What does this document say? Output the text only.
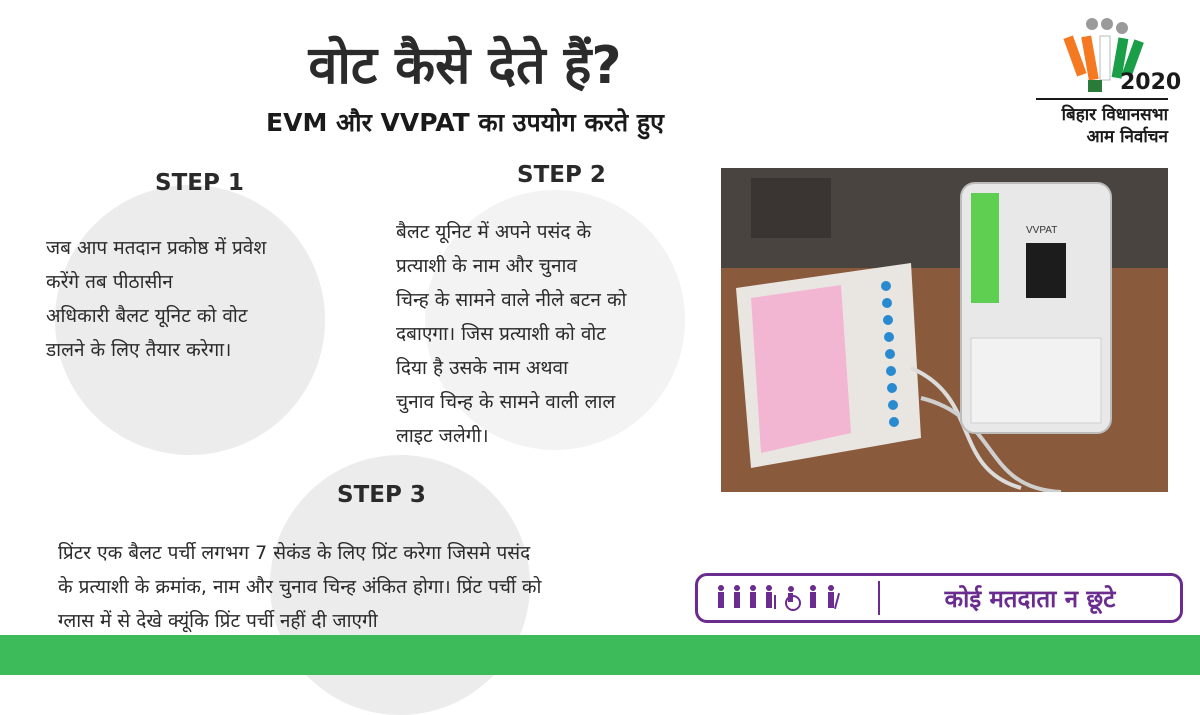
वोट कैसे देते हैं?
EVM और VVPAT का उपयोग करते हुए
2020
बिहार विधानसभा
आम निर्वाचन
STEP 1
जब आप मतदान प्रकोष्ठ में प्रवेश
करेंगे तब पीठासीन
अधिकारी बैलट यूनिट को वोट
डालने के लिए तैयार करेगा।
STEP 2
बैलट यूनिट में अपने पसंद के
प्रत्याशी के नाम और चुनाव
चिन्ह के सामने वाले नीले बटन को
दबाएगा। जिस प्रत्याशी को वोट
दिया है उसके नाम अथवा
चुनाव चिन्ह के सामने वाली लाल
लाइट जलेगी।
VVPAT
STEP 3
प्रिंटर एक बैलट पर्ची लगभग 7 सेकंड के लिए प्रिंट करेगा जिसमे पसंद
के प्रत्याशी के क्रमांक, नाम और चुनाव चिन्ह अंकित होगा। प्रिंट पर्ची को
ग्लास में से देखे क्यूंकि प्रिंट पर्ची नहीं दी जाएगी
कोई मतदाता न छूटे
